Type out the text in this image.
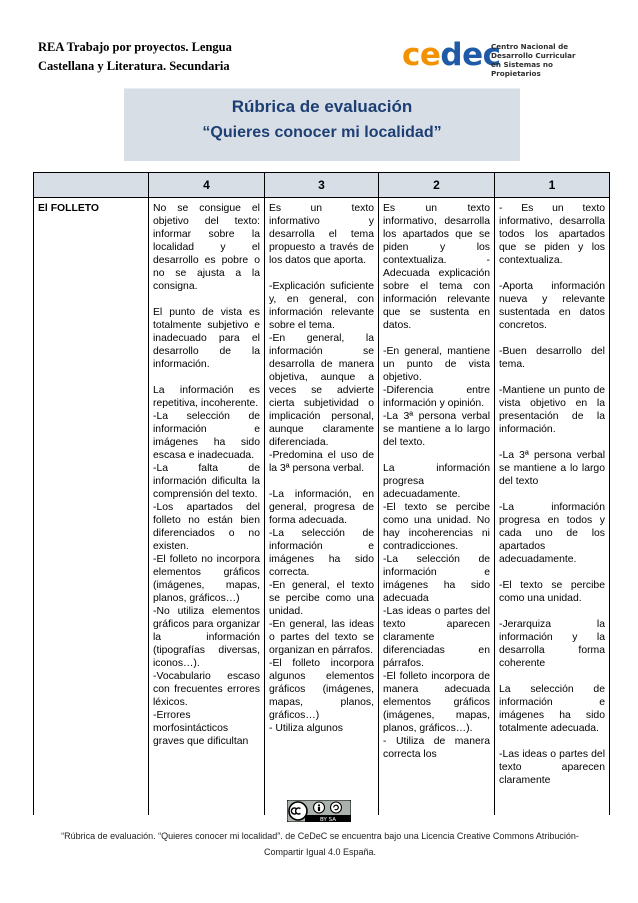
REA Trabajo por proyectos. Lengua
Castellana y Literatura. Secundaria	cedec
Centro Nacional de
Desarrollo Curricular
en Sistemas no Propietarios
Rúbrica de evaluación
“Quieres conocer mi localidad”
El FOLLETO
4

No se consigue el objetivo del texto: informar sobre la localidad y el desarrollo es pobre o no se ajusta a la consigna.

El punto de vista es totalmente subjetivo e inadecuado para el desarrollo de la información.

La información es repetitiva, incoherente.

-La selección de información e imágenes ha sido escasa e inadecuada.

-La falta de información dificulta la comprensión del texto.

-Los apartados del folleto no están bien diferenciados o no existen.

-El folleto no incorpora elementos gráficos (imágenes, mapas, planos, gráficos…)

-No utiliza elementos gráficos para organizar la información (tipografías diversas, iconos…).

-Vocabulario escaso con frecuentes errores léxicos.

-Errores morfosintácticos graves que dificultan

3

Es un texto informativo y desarrolla el tema propuesto a través de los datos que aporta.

-Explicación suficiente y, en general, con información relevante sobre el tema.

-En general, la información se desarrolla de manera objetiva, aunque a veces se advierte cierta subjetividad o implicación personal, aunque claramente diferenciada.

-Predomina el uso de la 3ª persona verbal.

-La información, en general, progresa de forma adecuada.

-La selección de información e imágenes ha sido correcta.

-En general, el texto se percibe como una unidad.

-En general, las ideas o partes del texto se organizan en párrafos.

-El folleto incorpora algunos elementos gráficos (imágenes, mapas, planos, gráficos…)

- Utiliza algunos

2

Es un texto informativo, desarrolla los apartados que se piden y los contextualiza. -Adecuada explicación sobre el tema con información relevante que se sustenta en datos.

-En general, mantiene un punto de vista objetivo.

-Diferencia entre información y opinión.

-La 3ª persona verbal se mantiene a lo largo del texto.

La información progresa adecuadamente.

-El texto se percibe como una unidad. No hay incoherencias ni contradicciones.

-La selección de información e imágenes ha sido adecuada

-Las ideas o partes del texto aparecen claramente diferenciadas en párrafos.

-El folleto incorpora de manera adecuada elementos gráficos (imágenes, mapas, planos, gráficos…).

- Utiliza de manera correcta los

1

- Es un texto informativo, desarrolla todos los apartados que se piden y los contextualiza.

-Aporta información nueva y relevante sustentada en datos concretos.

-Buen desarrollo del tema.

-Mantiene un punto de vista objetivo en la presentación de la información.

-La 3ª persona verbal se mantiene a lo largo del texto

-La información progresa en todos y cada uno de los apartados adecuadamente.

-El texto se percibe como una unidad.

-Jerarquiza la información y la desarrolla forma coherente

La selección de información e imágenes ha sido totalmente adecuada.

-Las ideas o partes del texto aparecen claramente

BY SA
“Rúbrica de evaluación. “Quieres conocer mi localidad”. de CeDeC se encuentra bajo una Licencia Creative Commons Atribución-Compartir Igual 4.0 España.
